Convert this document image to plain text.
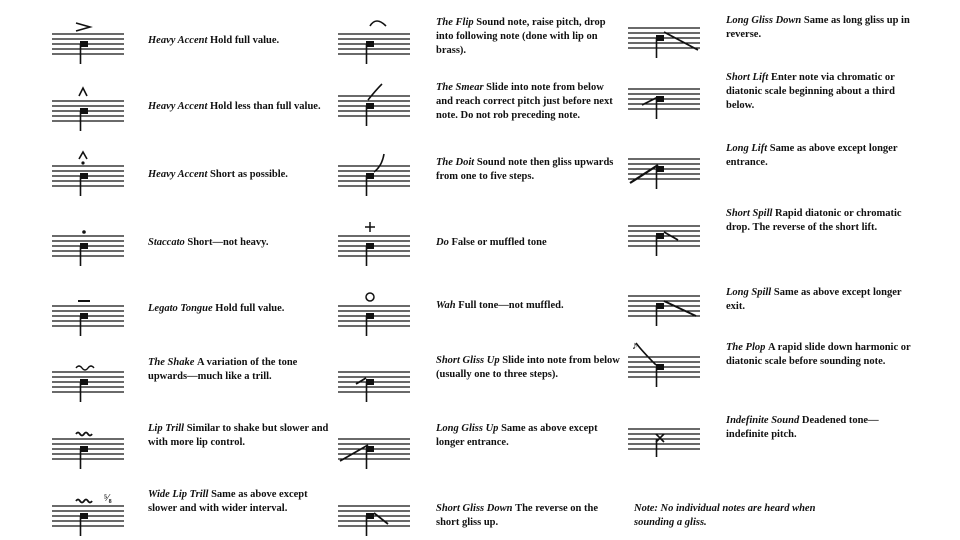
Heavy Accent Hold full value.
Heavy Accent Hold less than full value.
Heavy Accent Short as possible.
Staccato Short—not heavy.
Legato Tongue Hold full value.
The Shake A variation of the tone upwards—much like a trill.
Lip Trill Similar to shake but slower and with more lip control.
⁵⁄₈	Wide Lip Trill Same as above except slower and with wider interval.
The Flip Sound note, raise pitch, drop into following note (done with lip on brass).
The Smear Slide into note from below and reach correct pitch just before next note. Do not rob preceding note.
The Doit Sound note then gliss upwards from one to five steps.
Do False or muffled tone
Wah Full tone—not muffled.
Short Gliss Up Slide into note from below (usually one to three steps).
Long Gliss Up Same as above except longer entrance.
Short Gliss Down The reverse on the short gliss up.
Long Gliss Down Same as long gliss up in reverse.
Short Lift Enter note via chromatic or diatonic scale beginning about a third below.
Long Lift Same as above except longer entrance.
Short Spill Rapid diatonic or chromatic drop. The reverse of the short lift.
Long Spill Same as above except longer exit.
♪	The Plop A rapid slide down harmonic or diatonic scale before sounding note.
Indefinite Sound Deadened tone—indefinite pitch.
Note: No individual notes are heard when sounding a gliss.
